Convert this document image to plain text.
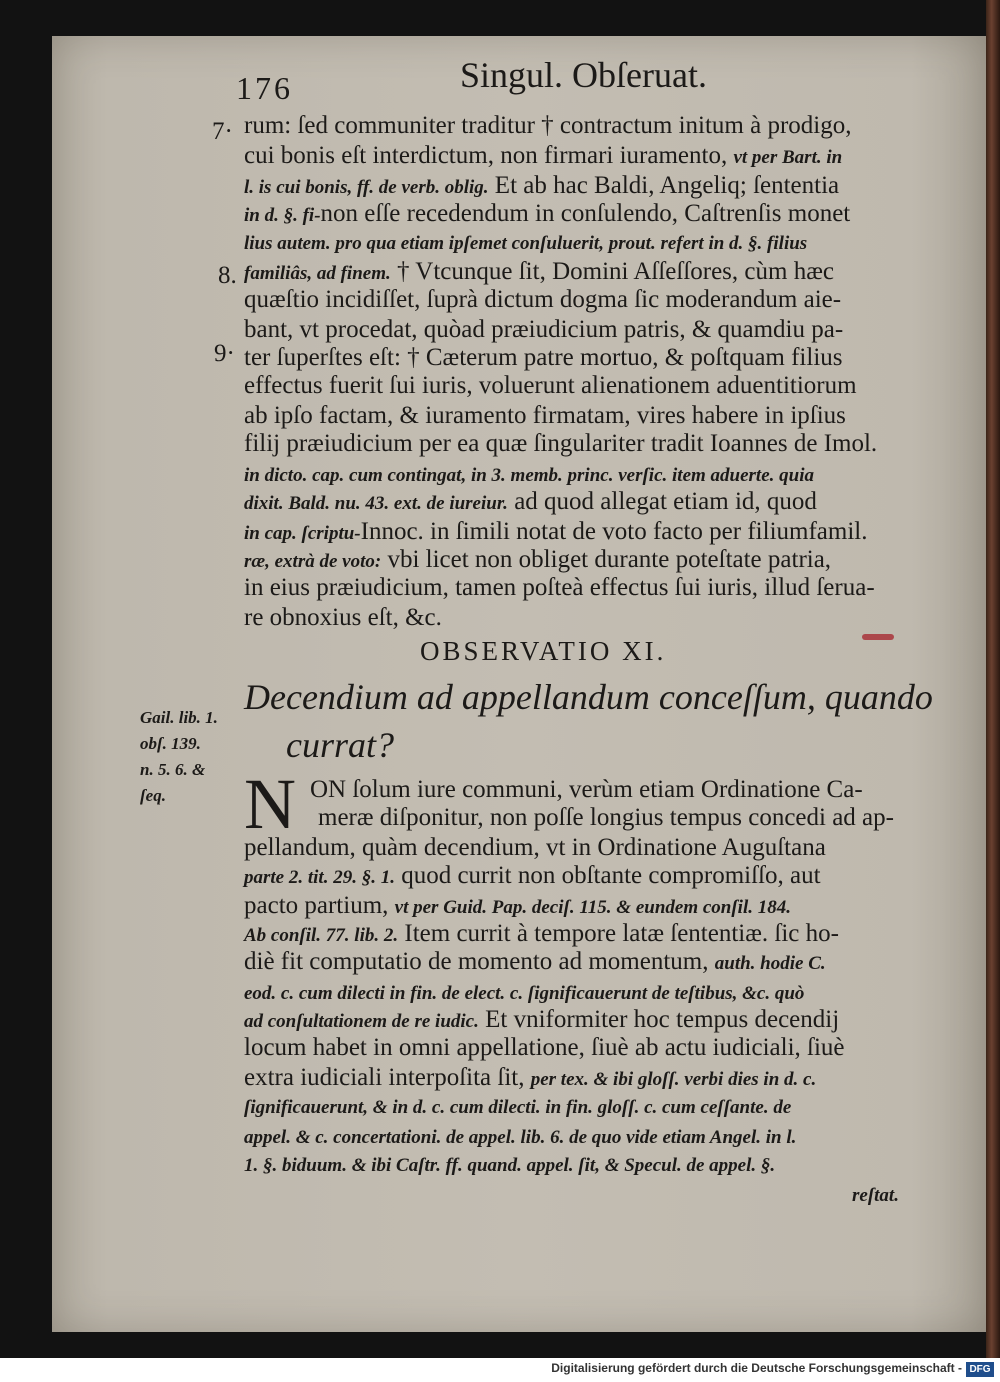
176	Singul. Obſeruat.
rum: ſed communiter traditur † contractum initum à prodigo,
cui bonis eſt interdictum, non firmari iuramento, vt per Bart. in
l. is cui bonis, ff. de verb. oblig. Et ab hac Baldi, Angeliq; ſententia
in d. §. fi-non eſſe recedendum in conſulendo, Caſtrenſis monet
lius autem. pro qua etiam ipſemet conſuluerit, prout. refert in d. §. filius
familiâs, ad finem. † Vtcunque ſit, Domini Aſſeſſores, cùm hæc
quæſtio incidiſſet, ſuprà dictum dogma ſic moderandum aie-
bant, vt procedat, quòad præiudicium patris, & quamdiu pa-
ter ſuperſtes eſt: † Cæterum patre mortuo, & poſtquam filius
effectus fuerit ſui iuris, voluerunt alienationem aduentitiorum
ab ipſo factam, & iuramento firmatam, vires habere in ipſius
filij præiudicium per ea quæ ſingulariter tradit Ioannes de Imol.
in dicto. cap. cum contingat, in 3. memb. princ. verſic. item aduerte. quia
dixit. Bald. nu. 43. ext. de iureiur. ad quod allegat etiam id, quod
in cap. ſcriptu-Innoc. in ſimili notat de voto facto per filiumfamil.
ræ, extrà de voto: vbi licet non obliget durante poteſtate patria,
in eius præiudicium, tamen poſteà effectus ſui iuris, illud ſerua-
re obnoxius eſt, &c.
7·
8.
9·
OBSERVATIO XI.
Decendium ad appellandum conceſſum, quando
currat?
Gail. lib. 1.
obſ. 139.
n. 5. 6. &
ſeq.	N ON ſolum iure communi, verùm etiam Ordinatione Ca-
meræ diſponitur, non poſſe longius tempus concedi ad ap-
pellandum, quàm decendium, vt in Ordinatione Auguſtana
parte 2. tit. 29. §. 1. quod currit non obſtante compromiſſo, aut
pacto partium, vt per Guid. Pap. deciſ. 115. & eundem conſil. 184.
Ab conſil. 77. lib. 2. Item currit à tempore latæ ſententiæ. ſic ho-
diè fit computatio de momento ad momentum, auth. hodie C.
eod. c. cum dilecti in fin. de elect. c. ſignificauerunt de teſtibus, &c. quò
ad conſultationem de re iudic. Et vniformiter hoc tempus decendij
locum habet in omni appellatione, ſiuè ab actu iudiciali, ſiuè
extra iudiciali interpoſita ſit, per tex. & ibi gloſſ. verbi dies in d. c.
ſignificauerunt, & in d. c. cum dilecti. in fin. gloſſ. c. cum ceſſante. de
appel. & c. concertationi. de appel. lib. 6. de quo vide etiam Angel. in l.
1. §. biduum. & ibi Caſtr. ff. quand. appel. ſit, & Specul. de appel. §.
reſtat.
Digitalisierung gefördert durch die Deutsche Forschungsgemeinschaft - DFG
